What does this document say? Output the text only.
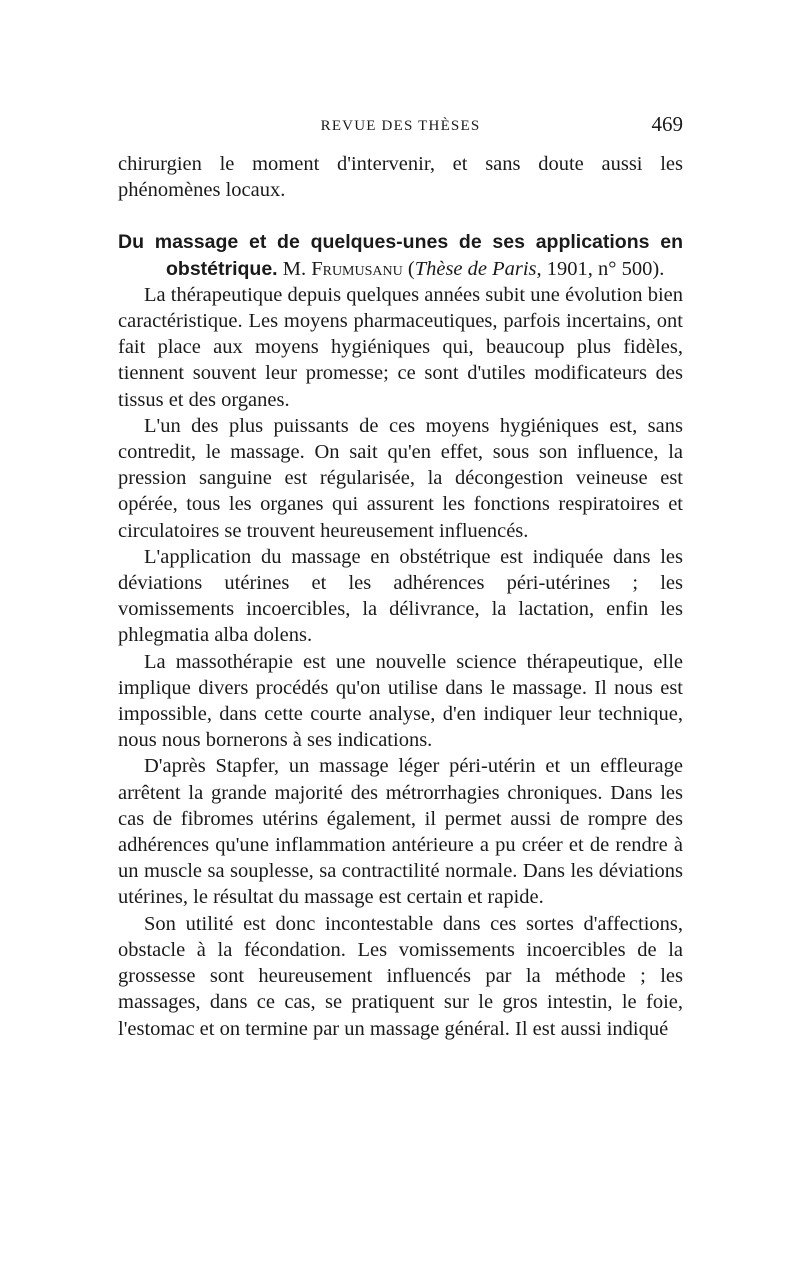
REVUE DES THÈSES	469

chirurgien le moment d'intervenir, et sans doute aussi les phénomènes locaux.

Du massage et de quelques-unes de ses applications en obstétrique. M. Frumusanu (Thèse de Paris, 1901, n° 500).

La thérapeutique depuis quelques années subit une évolution bien caractéristique. Les moyens pharmaceutiques, parfois incertains, ont fait place aux moyens hygiéniques qui, beaucoup plus fidèles, tiennent souvent leur promesse; ce sont d'utiles modificateurs des tissus et des organes.

L'un des plus puissants de ces moyens hygiéniques est, sans contredit, le massage. On sait qu'en effet, sous son influence, la pression sanguine est régularisée, la décongestion veineuse est opérée, tous les organes qui assurent les fonctions respiratoires et circulatoires se trouvent heureusement influencés.

L'application du massage en obstétrique est indiquée dans les déviations utérines et les adhérences péri-utérines ; les vomissements incoercibles, la délivrance, la lactation, enfin les phlegmatia alba dolens.

La massothérapie est une nouvelle science thérapeutique, elle implique divers procédés qu'on utilise dans le massage. Il nous est impossible, dans cette courte analyse, d'en indiquer leur technique, nous nous bornerons à ses indications.

D'après Stapfer, un massage léger péri-utérin et un effleurage arrêtent la grande majorité des métrorrhagies chroniques. Dans les cas de fibromes utérins également, il permet aussi de rompre des adhérences qu'une inflammation antérieure a pu créer et de rendre à un muscle sa souplesse, sa contractilité normale. Dans les déviations utérines, le résultat du massage est certain et rapide.

Son utilité est donc incontestable dans ces sortes d'affections, obstacle à la fécondation. Les vomissements incoercibles de la grossesse sont heureusement influencés par la méthode ; les massages, dans ce cas, se pratiquent sur le gros intestin, le foie, l'estomac et on termine par un massage général. Il est aussi indiqué
